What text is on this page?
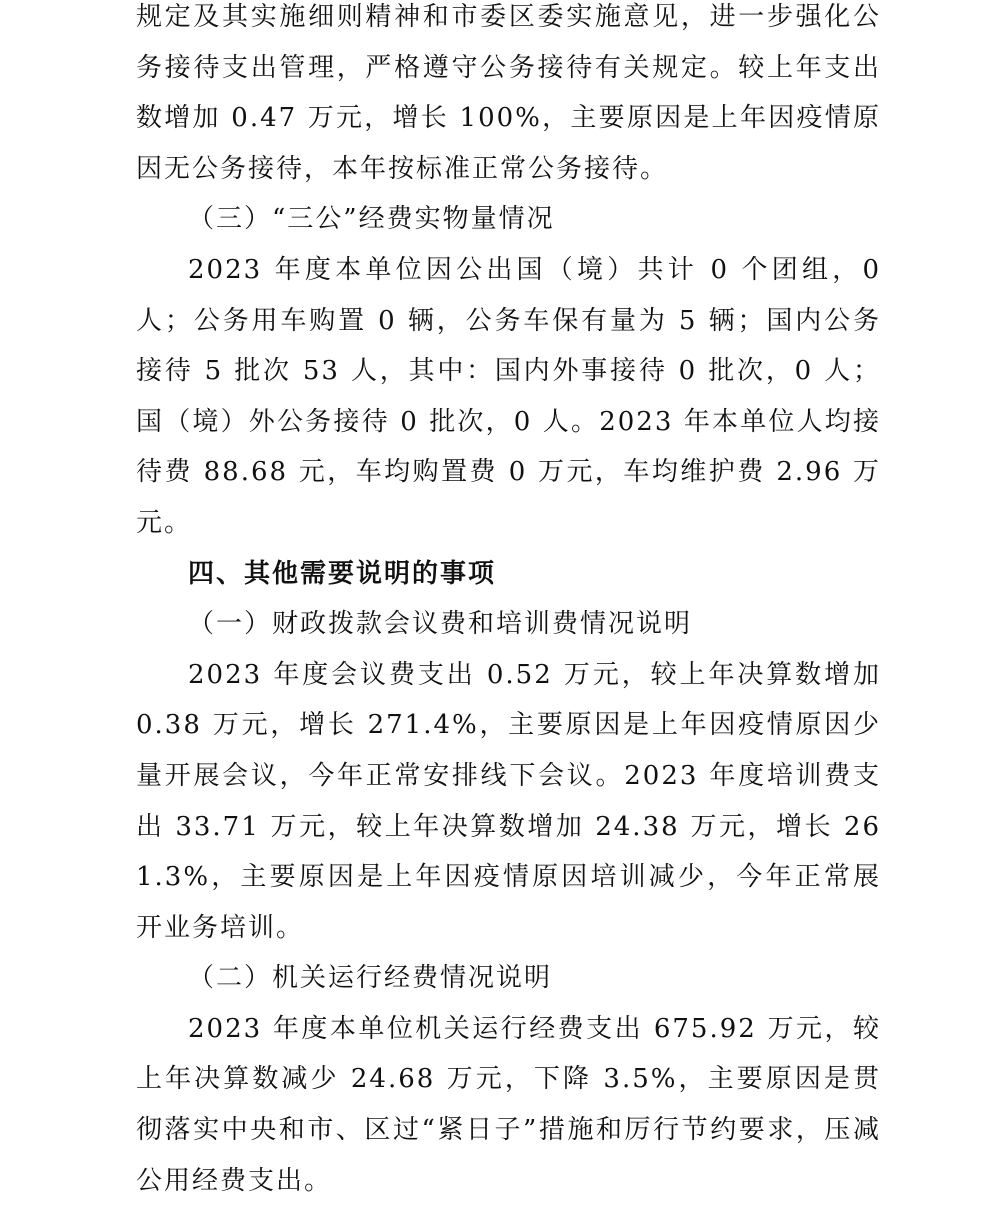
规定及其实施细则精神和市委区委实施意见，进一步强化公务接待支出管理，严格遵守公务接待有关规定。较上年支出数增加 0.47 万元，增长 100%，主要原因是上年因疫情原因无公务接待，本年按标准正常公务接待。

（三）“三公”经费实物量情况

2023 年度本单位因公出国（境）共计 0 个团组，0 人；公务用车购置 0 辆，公务车保有量为 5 辆；国内公务接待 5 批次 53 人，其中：国内外事接待 0 批次，0 人；国（境）外公务接待 0 批次，0 人。2023 年本单位人均接待费 88.68 元，车均购置费 0 万元，车均维护费 2.96 万元。

四、其他需要说明的事项
（一）财政拨款会议费和培训费情况说明

2023 年度会议费支出 0.52 万元，较上年决算数增加 0.38 万元，增长 271.4%，主要原因是上年因疫情原因少量开展会议，今年正常安排线下会议。2023 年度培训费支出 33.71 万元，较上年决算数增加 24.38 万元，增长 261.3%，主要原因是上年因疫情原因培训减少，今年正常展开业务培训。

（二）机关运行经费情况说明

2023 年度本单位机关运行经费支出 675.92 万元，较上年决算数减少 24.68 万元，下降 3.5%，主要原因是贯彻落实中央和市、区过“紧日子”措施和厉行节约要求，压减公用经费支出。
